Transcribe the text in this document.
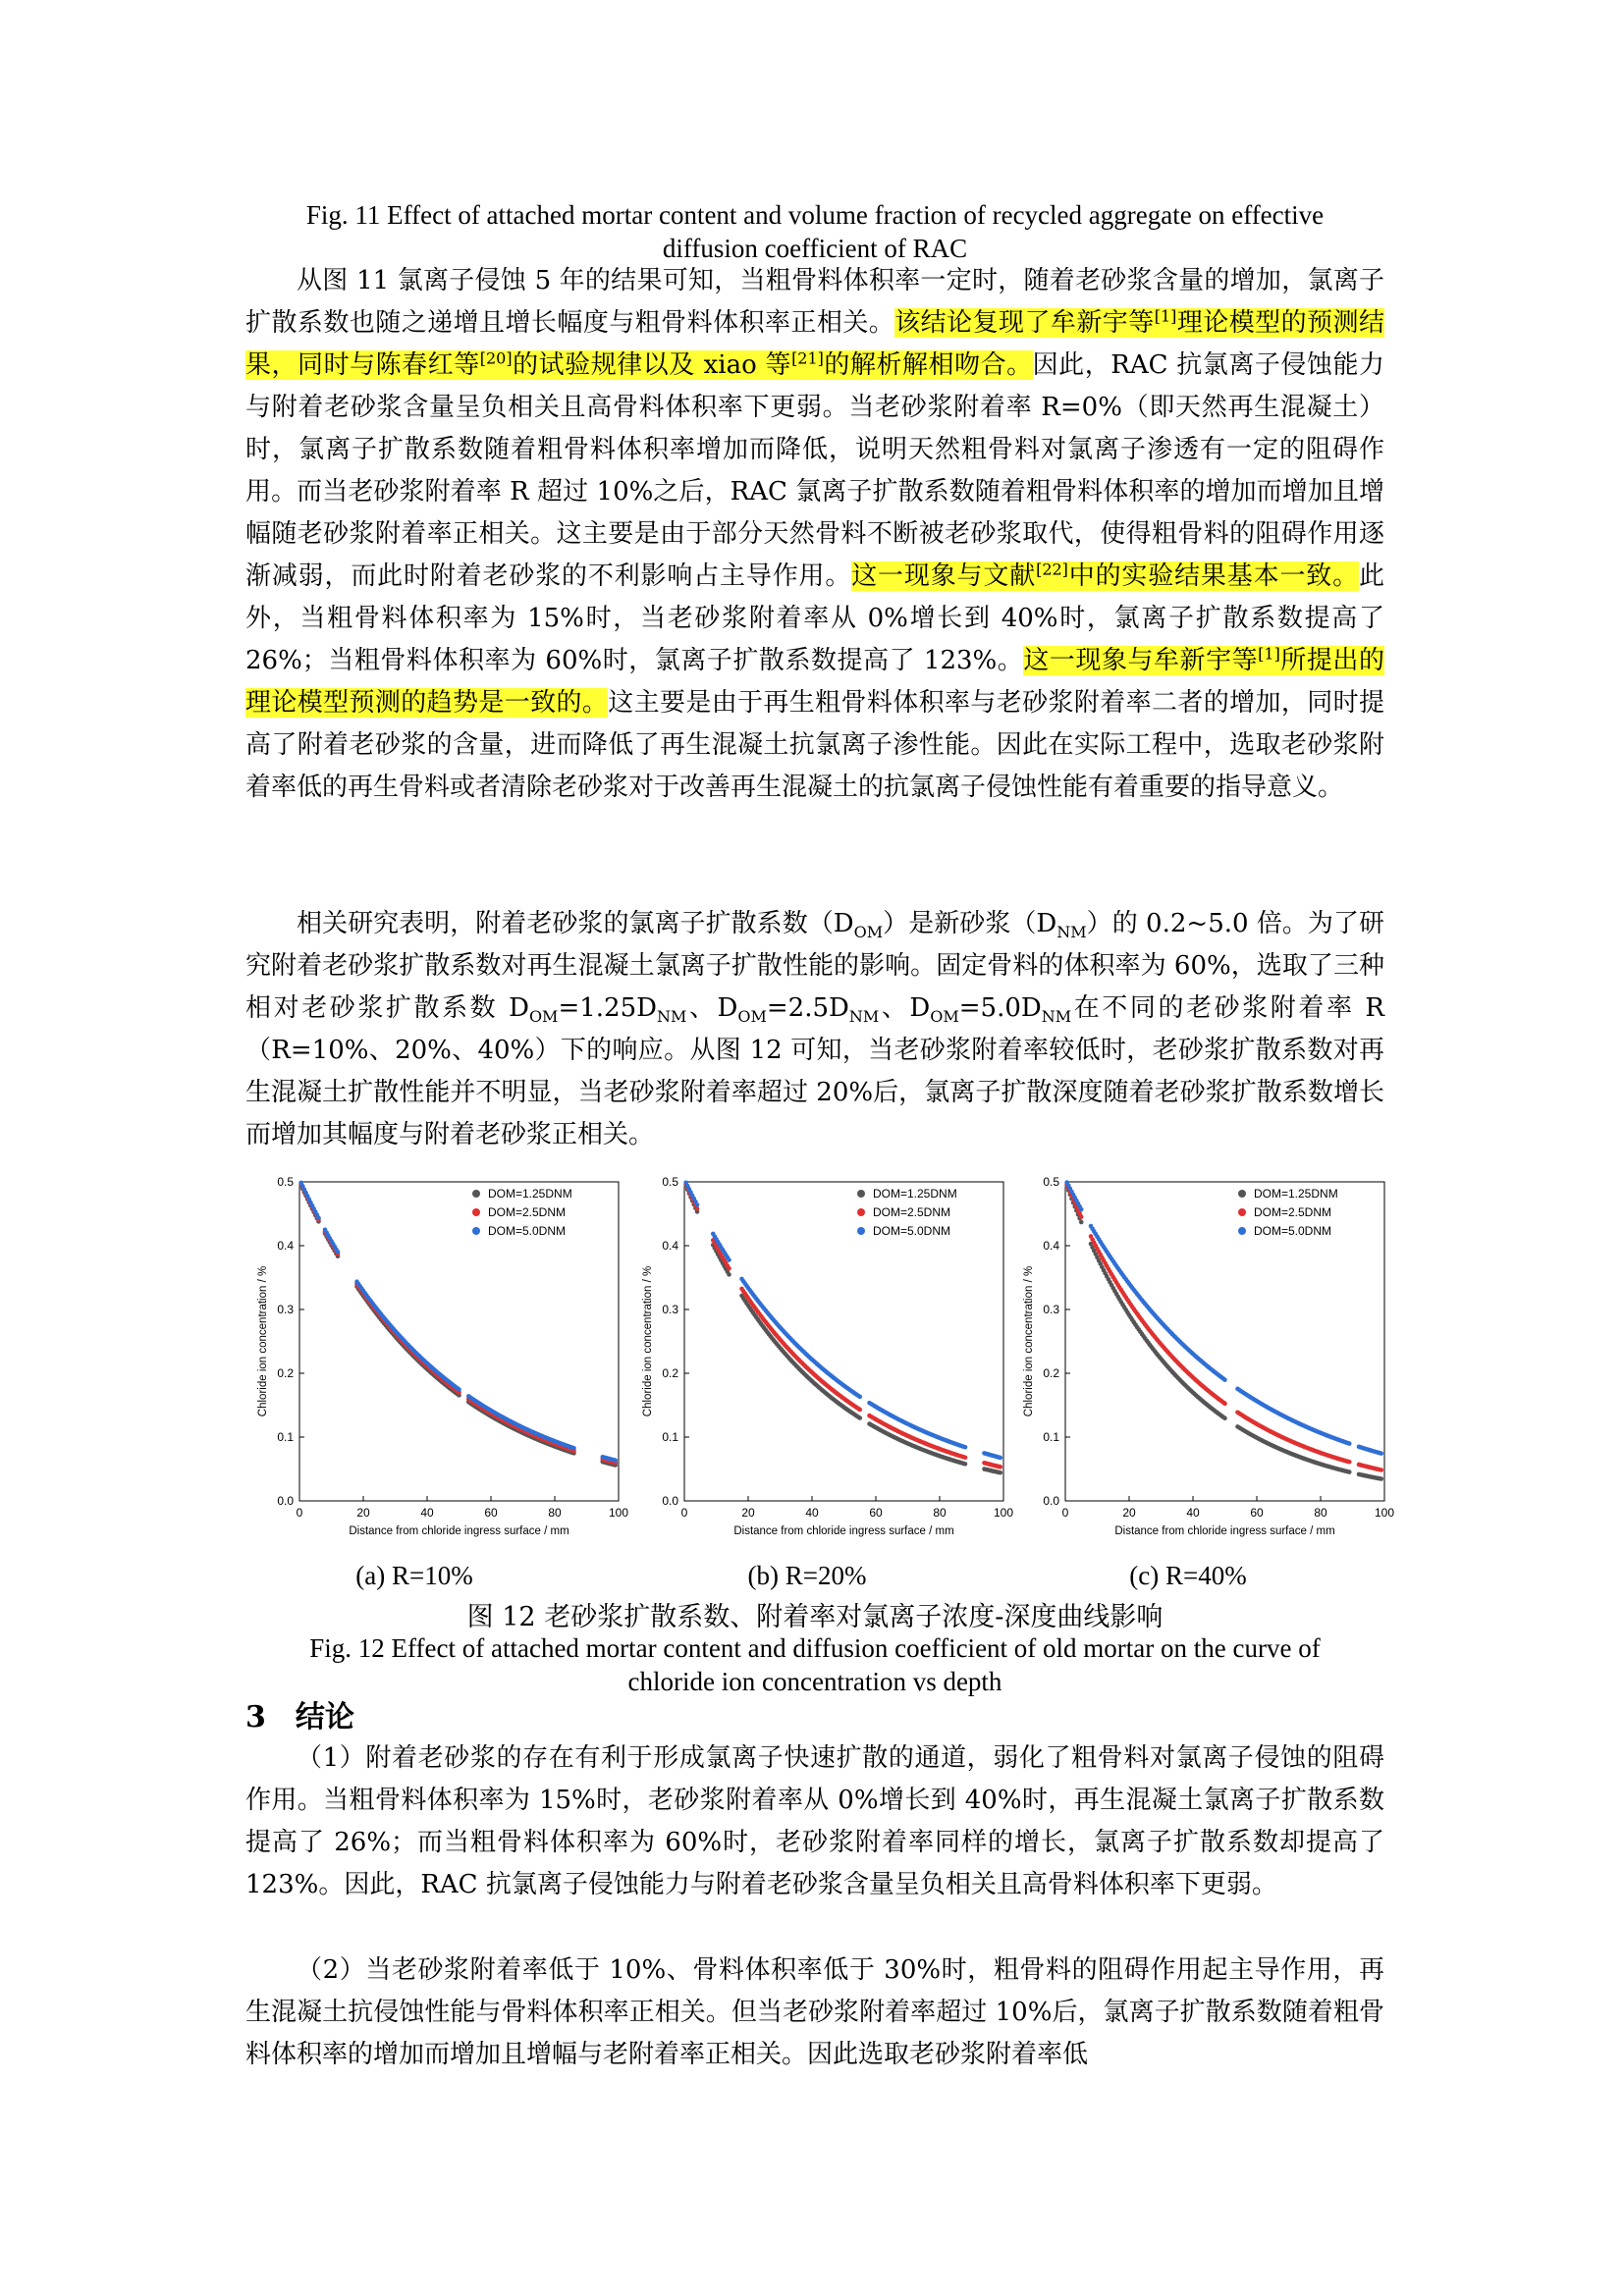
Fig. 11 Effect of attached mortar content and volume fraction of recycled aggregate on effective
diffusion coefficient of RAC

从图 11 氯离子侵蚀 5 年的结果可知，当粗骨料体积率一定时，随着老砂浆含量的增加，氯离子扩散系数也随之递增且增长幅度与粗骨料体积率正相关。该结论复现了牟新宇等[1]理论模型的预测结果，同时与陈春红等[20]的试验规律以及 xiao 等[21]的解析解相吻合。因此，RAC 抗氯离子侵蚀能力与附着老砂浆含量呈负相关且高骨料体积率下更弱。当老砂浆附着率 R=0%（即天然再生混凝土）时，氯离子扩散系数随着粗骨料体积率增加而降低，说明天然粗骨料对氯离子渗透有一定的阻碍作用。而当老砂浆附着率 R 超过 10%之后，RAC 氯离子扩散系数随着粗骨料体积率的增加而增加且增幅随老砂浆附着率正相关。这主要是由于部分天然骨料不断被老砂浆取代，使得粗骨料的阻碍作用逐渐减弱，而此时附着老砂浆的不利影响占主导作用。这一现象与文献[22]中的实验结果基本一致。此外，当粗骨料体积率为 15%时，当老砂浆附着率从 0%增长到 40%时，氯离子扩散系数提高了 26%；当粗骨料体积率为 60%时，氯离子扩散系数提高了 123%。这一现象与牟新宇等[1]所提出的理论模型预测的趋势是一致的。这主要是由于再生粗骨料体积率与老砂浆附着率二者的增加，同时提高了附着老砂浆的含量，进而降低了再生混凝土抗氯离子渗性能。因此在实际工程中，选取老砂浆附着率低的再生骨料或者清除老砂浆对于改善再生混凝土的抗氯离子侵蚀性能有着重要的指导意义。

相关研究表明，附着老砂浆的氯离子扩散系数$(D_{OM})$是新砂浆$(D_{NM})$的 0.2~5.0 倍。为了研究附着老砂浆扩散系数对再生混凝土氯离子扩散性能的影响。固定骨料的体积率为 60%，选取了三种相对老砂浆扩散系数 $D_{OM}=1.25D_{NM}$、$D_{OM}=2.5D_{NM}$、$D_{OM}=5.0D_{NM}$在不同的老砂浆附着率 R（R=10%、20%、40%）下的响应。从图 12 可知，当老砂浆附着率较低时，老砂浆扩散系数对再生混凝土扩散性能并不明显，当老砂浆附着率超过 20%后，氯离子扩散深度随着老砂浆扩散系数增长而增加其幅度与附着老砂浆正相关。

0	20	40	60	80	100
0.0
0.1
0.2
0.3
0.4
0.5
Distance from chloride ingress surface / mm
Chloride ion concentration / %
DOM=1.25DNM
DOM=2.5DNM
DOM=5.0DNM
0	20	40	60	80	100
0.0
0.1
0.2
0.3
0.4
0.5
Distance from chloride ingress surface / mm
Chloride ion concentration / %
DOM=1.25DNM
DOM=2.5DNM
DOM=5.0DNM
0	20	40	60	80	100
0.0
0.1
0.2
0.3
0.4
0.5
Distance from chloride ingress surface / mm
Chloride ion concentration / %
DOM=1.25DNM
DOM=2.5DNM
DOM=5.0DNM
(a) R=10%	(b) R=20%	(c) R=40%
图 12 老砂浆扩散系数、附着率对氯离子浓度-深度曲线影响
Fig. 12 Effect of attached mortar content and diffusion coefficient of old mortar on the curve of
chloride ion concentration vs depth
3　结论

（1）附着老砂浆的存在有利于形成氯离子快速扩散的通道，弱化了粗骨料对氯离子侵蚀的阻碍作用。当粗骨料体积率为 15%时，老砂浆附着率从 0%增长到 40%时，再生混凝土氯离子扩散系数提高了 26%；而当粗骨料体积率为 60%时，老砂浆附着率同样的增长，氯离子扩散系数却提高了 123%。因此，RAC 抗氯离子侵蚀能力与附着老砂浆含量呈负相关且高骨料体积率下更弱。

（2）当老砂浆附着率低于 10%、骨料体积率低于 30%时，粗骨料的阻碍作用起主导作用，再生混凝土抗侵蚀性能与骨料体积率正相关。但当老砂浆附着率超过 10%后，氯离子扩散系数随着粗骨料体积率的增加而增加且增幅与老附着率正相关。因此选取老砂浆附着率低
